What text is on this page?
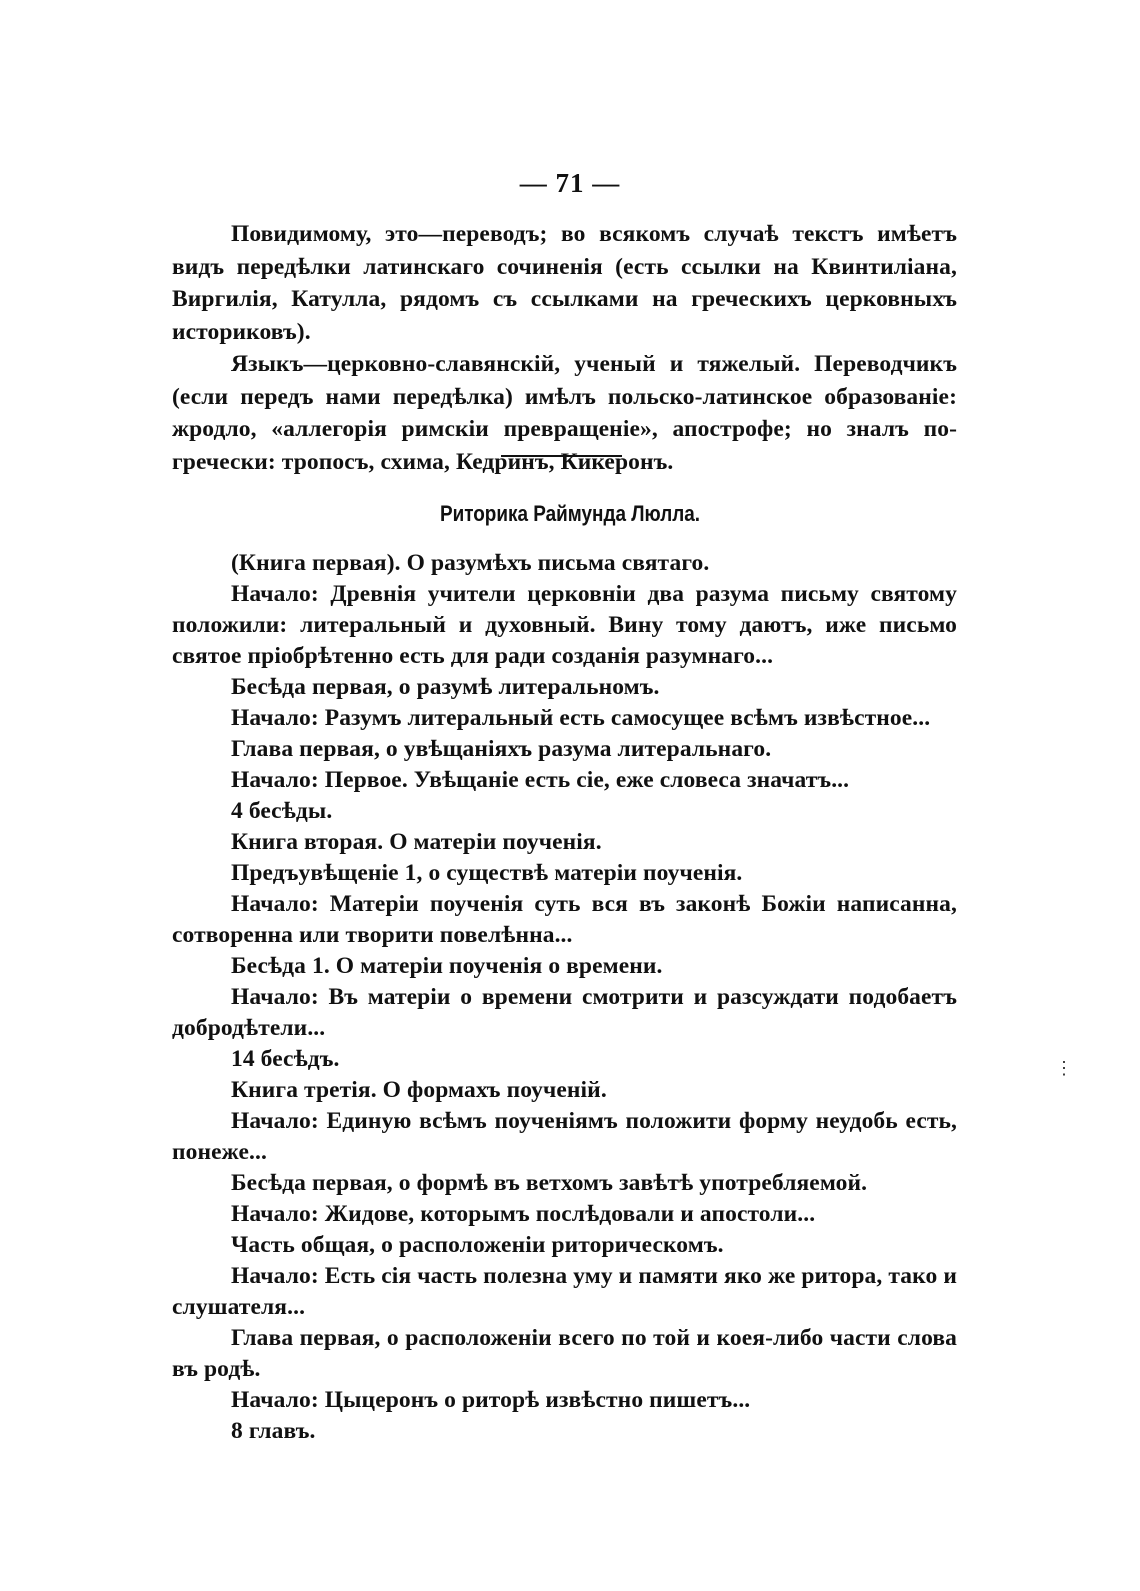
— 71 —

Повидимому, это—переводъ; во всякомъ случаѣ текстъ имѣетъ видъ передѣлки латинскаго сочиненія (есть ссылки на Квинтиліана, Виргилія, Катулла, рядомъ съ ссылками на греческихъ церковныхъ историковъ).

Языкъ—церковно-славянскій, ученый и тяжелый. Переводчикъ (если передъ нами передѣлка) имѣлъ польско-латинское образованіе: жродло, «аллегорія римскіи превращеніе», апострофе; но зналъ по-гречески: тропосъ, схима, Кедринъ, Кикеронъ.

Риторика Раймунда Люлла.

(Книга первая). О разумѣхъ письма святаго.

Начало: Древнія учители церковніи два разума письму святому положили: литеральный и духовный. Вину тому даютъ, иже письмо святое пріобрѣтенно есть для ради созданія разумнаго...

Бесѣда первая, о разумѣ литеральномъ.

Начало: Разумъ литеральный есть самосущее всѣмъ извѣстное...

Глава первая, о увѣщаніяхъ разума литеральнаго.

Начало: Первое. Увѣщаніе есть сіе, еже словеса значатъ...

4 бесѣды.

Книга вторая. О матеріи поученія.

Предъувѣщеніе 1, о существѣ матеріи поученія.

Начало: Матеріи поученія суть вся въ законѣ Божіи написанна, сотворенна или творити повелѣнна...

Бесѣда 1. О матеріи поученія о времени.

Начало: Въ матеріи о времени смотрити и разсуждати подобаетъ добродѣтели...

14 бесѣдъ.

Книга третія. О формахъ поученій.

Начало: Единую всѣмъ поученіямъ положити форму неудобь есть, понеже...

Бесѣда первая, о формѣ въ ветхомъ завѣтѣ употребляемой.

Начало: Жидове, которымъ послѣдовали и апостоли...

Часть общая, о расположеніи риторическомъ.

Начало: Есть сія часть полезна уму и памяти яко же ритора, тако и слушателя...

Глава первая, о расположеніи всего по той и коея-либо части слова въ родѣ.

Начало: Цыцеронъ о риторѣ извѣстно пишетъ...

8 главъ.

⋮
